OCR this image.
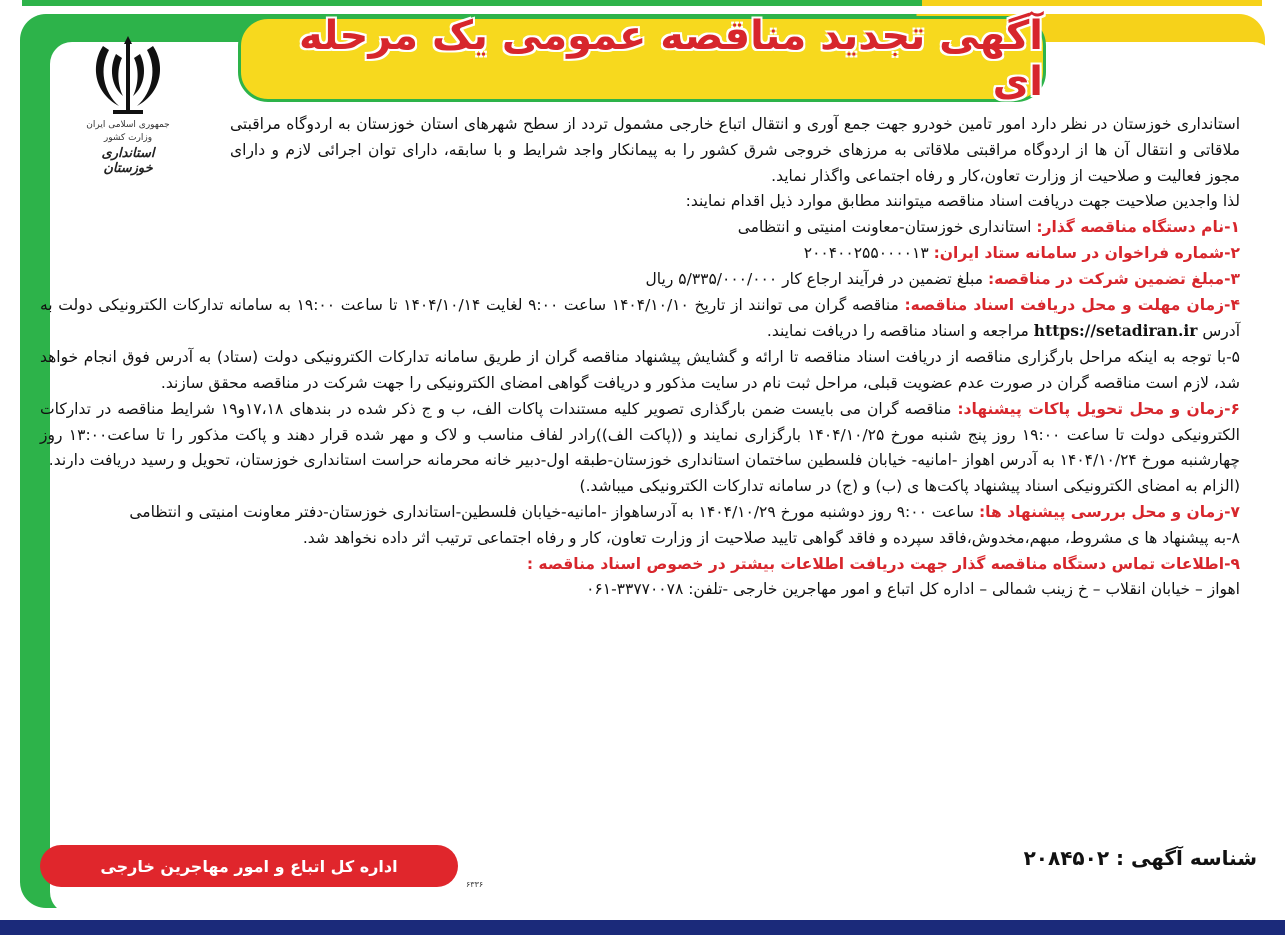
آگهی تجدید مناقصه عمومی یک مرحله ای
جمهوری اسلامی ایران
وزارت کشور
استانداری خوزستان

استانداری خوزستان در نظر دارد امور تامین خودرو جهت جمع آوری و انتقال اتباع خارجی مشمول تردد از سطح شهرهای استان خوزستان به اردوگاه مراقبتی ملاقاتی و انتقال آن ها از اردوگاه مراقبتی ملاقاتی به مرزهای خروجی شرق کشور را به پیمانکار واجد شرایط و با سابقه، دارای توان اجرائی لازم و دارای مجوز فعالیت و صلاحیت از وزارت تعاون،کار و رفاه اجتماعی واگذار نماید.

لذا واجدین صلاحیت جهت دریافت اسناد مناقصه میتوانند مطابق موارد ذیل اقدام نمایند:

۱-نام دستگاه مناقصه گذار: استانداری خوزستان-معاونت امنیتی و انتظامی

۲-شماره فراخوان در سامانه ستاد ایران: ۲۰۰۴۰۰۲۵۵۰۰۰۰۱۳

۳-مبلغ تضمین شرکت در مناقصه: مبلغ تضمین در فرآیند ارجاع کار ۵/۳۳۵/۰۰۰/۰۰۰ ریال

۴-زمان مهلت و محل دریافت اسناد مناقصه: مناقصه گران می توانند از تاریخ ۱۴۰۴/۱۰/۱۰ ساعت ۹:۰۰ لغایت ۱۴۰۴/۱۰/۱۴ تا ساعت ۱۹:۰۰ به سامانه تدارکات الکترونیکی دولت به آدرس https://setadiran.ir مراجعه و اسناد مناقصه را دریافت نمایند.

۵-با توجه به اینکه مراحل بارگزاری مناقصه از دریافت اسناد مناقصه تا ارائه و گشایش پیشنهاد مناقصه گران از طریق سامانه تدارکات الکترونیکی دولت (ستاد) به آدرس فوق انجام خواهد شد، لازم است مناقصه گران در صورت عدم عضویت قبلی، مراحل ثبت نام در سایت مذکور و دریافت گواهی امضای الکترونیکی را جهت شرکت در مناقصه محقق سازند.

۶-زمان و محل تحویل پاکات پیشنهاد: مناقصه گران می بایست ضمن بارگذاری تصویر کلیه مستندات پاکات الف، ب و ج ذکر شده در بندهای ۱۷،۱۸و۱۹ شرایط مناقصه در تدارکات الکترونیکی دولت تا ساعت ۱۹:۰۰ روز پنج شنبه مورخ ۱۴۰۴/۱۰/۲۵ بارگزاری نمایند و ((پاکت الف))رادر لفاف مناسب و لاک و مهر شده قرار دهند و پاکت مذکور را تا ساعت۱۳:۰۰ روز چهارشنبه مورخ ۱۴۰۴/۱۰/۲۴ به آدرس اهواز -امانیه- خیابان فلسطین ساختمان استانداری خوزستان-طبقه اول-دبیر خانه محرمانه حراست استانداری خوزستان، تحویل و رسید دریافت دارند.

(الزام به امضای الکترونیکی اسناد پیشنهاد پاکت‌ها ی (ب) و (ج) در سامانه تدارکات الکترونیکی میباشد.)

۷-زمان و محل بررسی پیشنهاد ها: ساعت ۹:۰۰ روز دوشنبه مورخ ۱۴۰۴/۱۰/۲۹ به آدرساهواز -امانیه-خیابان فلسطین-استانداری خوزستان-دفتر معاونت امنیتی و انتظامی

۸-به پیشنهاد ها ی مشروط، مبهم،مخدوش،فاقد سپرده و فاقد گواهی تایید صلاحیت از وزارت تعاون، کار و رفاه اجتماعی ترتیب اثر داده نخواهد شد.

۹-اطلاعات تماس دستگاه مناقصه گذار جهت دریافت اطلاعات بیشتر در خصوص اسناد مناقصه :

اهواز – خیابان انقلاب – خ زینب شمالی – اداره کل اتباع و امور مهاجرین خارجی -تلفن: ۳۳۷۷۰۰۷۸-۰۶۱

شناسه آگهی : ۲۰۸۴۵۰۲
اداره کل اتباع و امور مهاجرین خارجی
۶۳۳۶
